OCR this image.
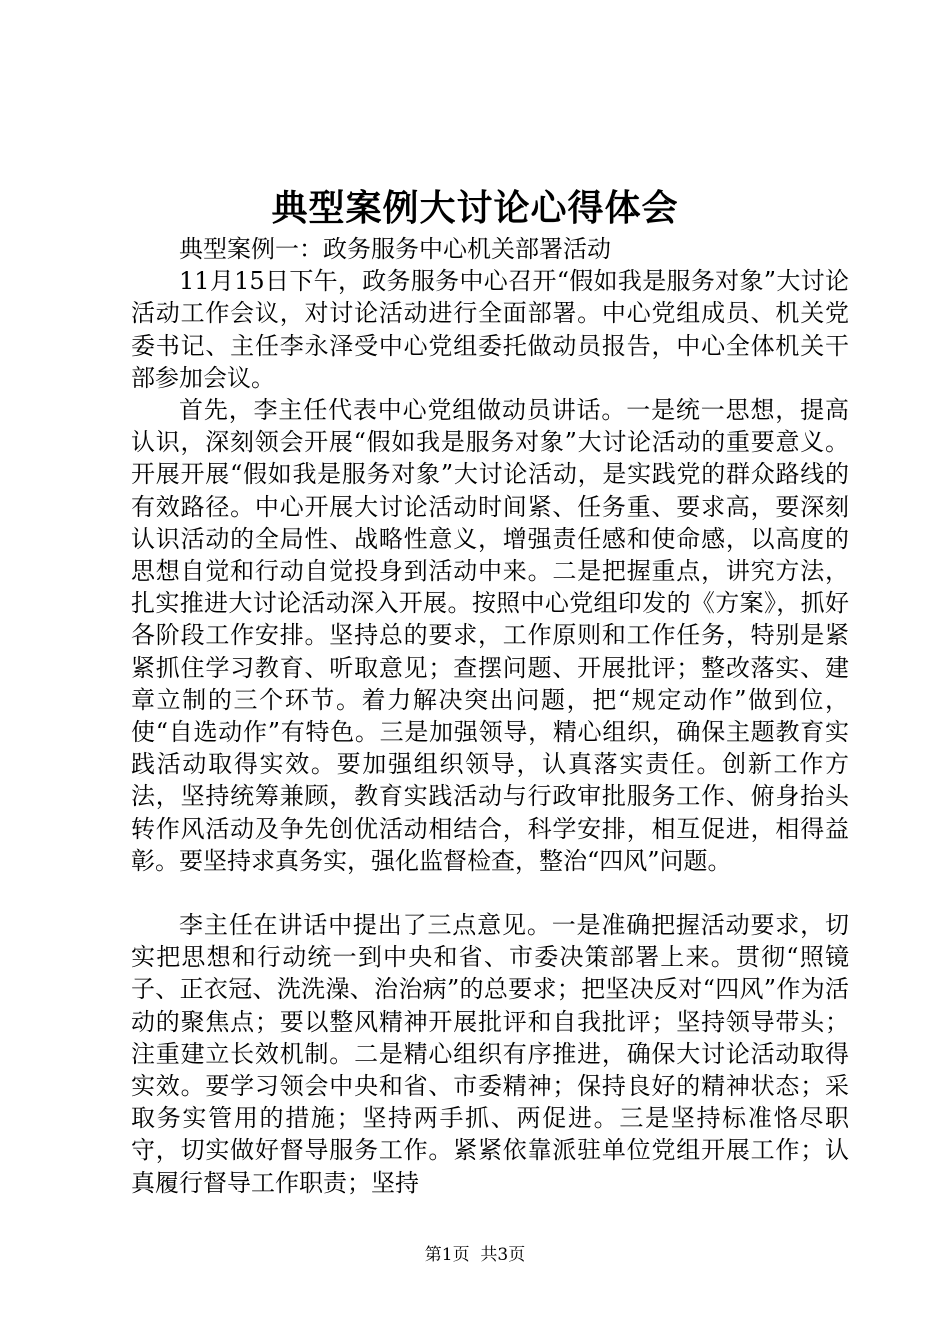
典型案例大讨论心得体会

典型案例一：政务服务中心机关部署活动

11月15日下午，政务服务中心召开“假如我是服务对象”大讨论活动工作会议，对讨论活动进行全面部署。中心党组成员、机关党委书记、主任李永泽受中心党组委托做动员报告，中心全体机关干部参加会议。

首先，李主任代表中心党组做动员讲话。一是统一思想，提高认识，深刻领会开展“假如我是服务对象”大讨论活动的重要意义。开展开展“假如我是服务对象”大讨论活动，是实践党的群众路线的有效路径。中心开展大讨论活动时间紧、任务重、要求高，要深刻认识活动的全局性、战略性意义，增强责任感和使命感，以高度的思想自觉和行动自觉投身到活动中来。二是把握重点，讲究方法，扎实推进大讨论活动深入开展。按照中心党组印发的《方案》，抓好各阶段工作安排。坚持总的要求，工作原则和工作任务，特别是紧紧抓住学习教育、听取意见；查摆问题、开展批评；整改落实、建章立制的三个环节。着力解决突出问题，把“规定动作”做到位，使“自选动作”有特色。三是加强领导，精心组织，确保主题教育实践活动取得实效。要加强组织领导，认真落实责任。创新工作方法，坚持统筹兼顾，教育实践活动与行政审批服务工作、俯身抬头转作风活动及争先创优活动相结合，科学安排，相互促进，相得益彰。要坚持求真务实，强化监督检查，整治“四风”问题。

李主任在讲话中提出了三点意见。一是准确把握活动要求，切实把思想和行动统一到中央和省、市委决策部署上来。贯彻“照镜子、正衣冠、洗洗澡、治治病”的总要求；把坚决反对“四风”作为活动的聚焦点；要以整风精神开展批评和自我批评；坚持领导带头；注重建立长效机制。二是精心组织有序推进，确保大讨论活动取得实效。要学习领会中央和省、市委精神；保持良好的精神状态；采取务实管用的措施；坚持两手抓、两促进。三是坚持标准恪尽职守，切实做好督导服务工作。紧紧依靠派驻单位党组开展工作；认真履行督导工作职责；坚持

第1页 共3页
